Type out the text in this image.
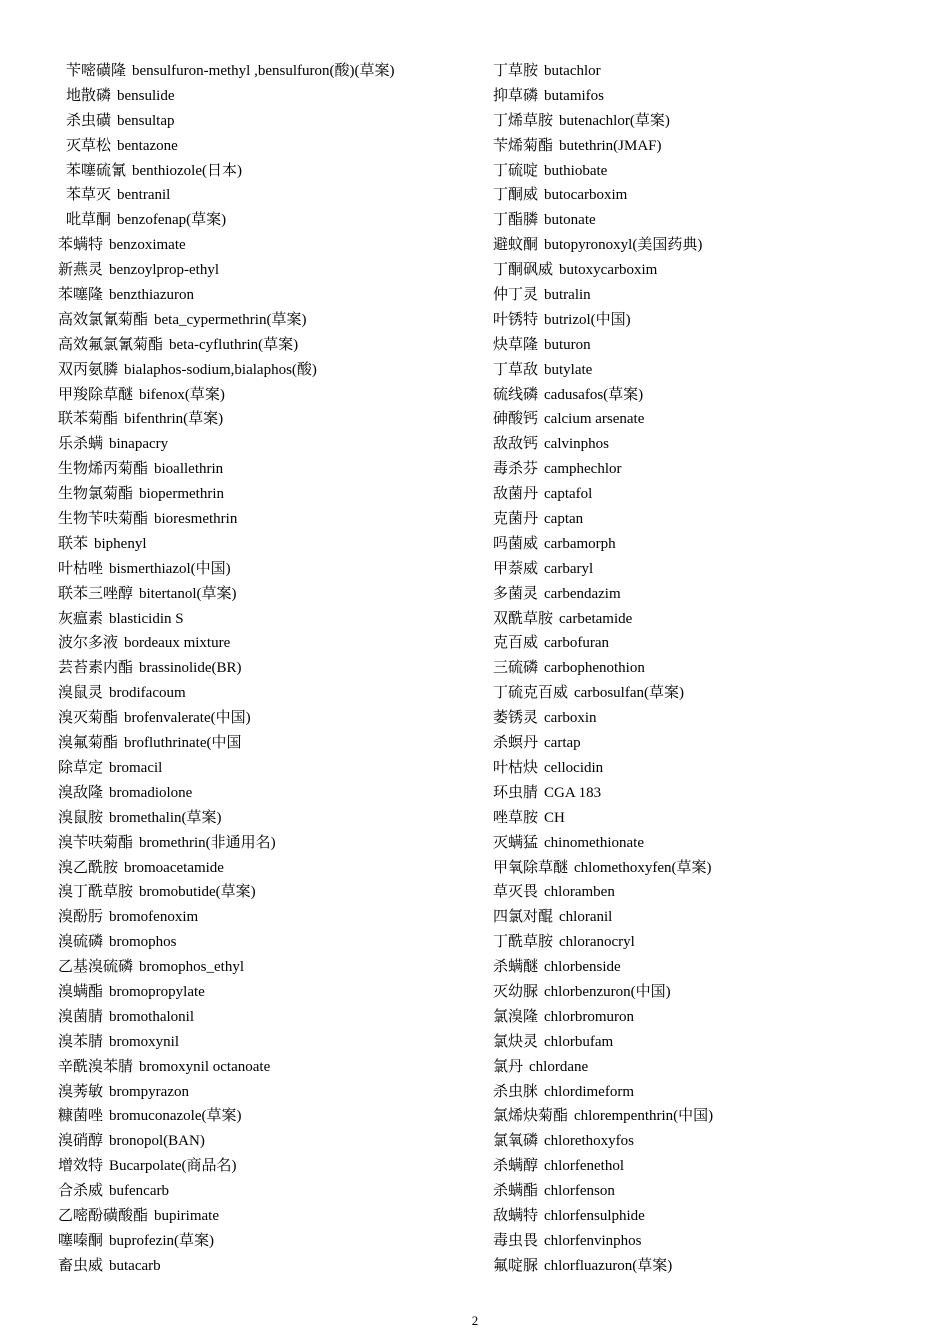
苄嘧磺隆 bensulfuron-methyl ,bensulfuron(酸)(草案)
地散磷 bensulide
杀虫磺 bensultap
灭草松 bentazone
苯噻硫氰 benthiozole(日本)
苯草灭 bentranil
吡草酮 benzofenap(草案)
苯螨特 benzoximate
新燕灵 benzoylprop-ethyl
苯噻隆 benzthiazuron
高效氯氰菊酯 beta_cypermethrin(草案)
高效氟氯氰菊酯 beta-cyfluthrin(草案)
双丙氨膦 bialaphos-sodium,bialaphos(酸)
甲羧除草醚 bifenox(草案)
联苯菊酯 bifenthrin(草案)
乐杀螨 binapacry
生物烯丙菊酯 bioallethrin
生物氯菊酯 biopermethrin
生物苄呋菊酯 bioresmethrin
联苯 biphenyl
叶枯唑 bismerthiazol(中国)
联苯三唑醇 bitertanol(草案)
灰瘟素 blasticidin S
波尔多液 bordeaux mixture
芸苔素内酯 brassinolide(BR)
溴鼠灵 brodifacoum
溴灭菊酯 brofenvalerate(中国)
溴氟菊酯 brofluthrinate(中国
除草定 bromacil
溴敌隆 bromadiolone
溴鼠胺 bromethalin(草案)
溴苄呋菊酯 bromethrin(非通用名)
溴乙酰胺 bromoacetamide
溴丁酰草胺 bromobutide(草案)
溴酚肟 bromofenoxim
溴硫磷 bromophos
乙基溴硫磷 bromophos_ethyl
溴螨酯 bromopropylate
溴菌腈 bromothalonil
溴苯腈 bromoxynil
辛酰溴苯腈 bromoxynil octanoate
溴莠敏 brompyrazon
糠菌唑 bromuconazole(草案)
溴硝醇 bronopol(BAN)
增效特 Bucarpolate(商品名)
合杀威 bufencarb
乙嘧酚磺酸酯 bupirimate
噻嗪酮 buprofezin(草案)
畜虫威 butacarb
丁草胺 butachlor
抑草磷 butamifos
丁烯草胺 butenachlor(草案)
苄烯菊酯 butethrin(JMAF)
丁硫啶 buthiobate
丁酮威 butocarboxim
丁酯膦 butonate
避蚊酮 butopyronoxyl(美国药典)
丁酮砜威 butoxycarboxim
仲丁灵 butralin
叶锈特 butrizol(中国)
炔草隆 buturon
丁草敌 butylate
硫线磷 cadusafos(草案)
砷酸钙 calcium arsenate
敌敌钙 calvinphos
毒杀芬 camphechlor
敌菌丹 captafol
克菌丹 captan
吗菌威 carbamorph
甲萘威 carbaryl
多菌灵 carbendazim
双酰草胺 carbetamide
克百威 carbofuran
三硫磷 carbophenothion
丁硫克百威 carbosulfan(草案)
萎锈灵 carboxin
杀螟丹 cartap
叶枯炔 cellocidin
环虫腈 CGA 183
唑草胺 CH
灭螨猛 chinomethionate
甲氧除草醚 chlomethoxyfen(草案)
草灭畏 chloramben
四氯对醌 chloranil
丁酰草胺 chloranocryl
杀螨醚 chlorbenside
灭幼脲 chlorbenzuron(中国)
氯溴隆 chlorbromuron
氯炔灵 chlorbufam
氯丹 chlordane
杀虫脒 chlordimeform
氯烯炔菊酯 chlorempenthrin(中国)
氯氧磷 chlorethoxyfos
杀螨醇 chlorfenethol
杀螨酯 chlorfenson
敌螨特 chlorfensulphide
毒虫畏 chlorfenvinphos
氟啶脲 chlorfluazuron(草案)
2
